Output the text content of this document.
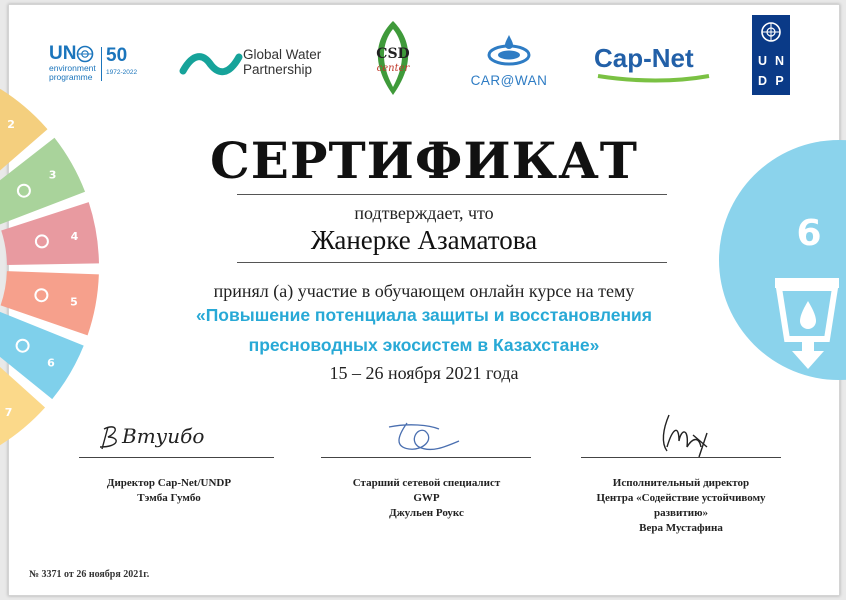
2
3
4
5
6
7
6
UN
environment
programme
50
1972-2022
Global Water
Partnership
CSD
center
CAR@WAN
Cap-Net	U N
D P
СЕРТИФИКАТ
подтверждает, что
Жанерке Азаматова
принял (а) участие в обучающем онлайн курсе на тему
«Повышение потенциала защиты и восстановления
пресноводных экосистем в Казахстане»
15 – 26 ноября 2021 года
Втуибо
Директор Cap-Net/UNDP
Тэмба Гумбо
Старший сетевой специалист
GWP
Джульен Роукс
Исполнительный директор
Центра «Содействие устойчивому
развитию»
Вера Мустафина
№ 3371 от 26 ноября 2021г.
